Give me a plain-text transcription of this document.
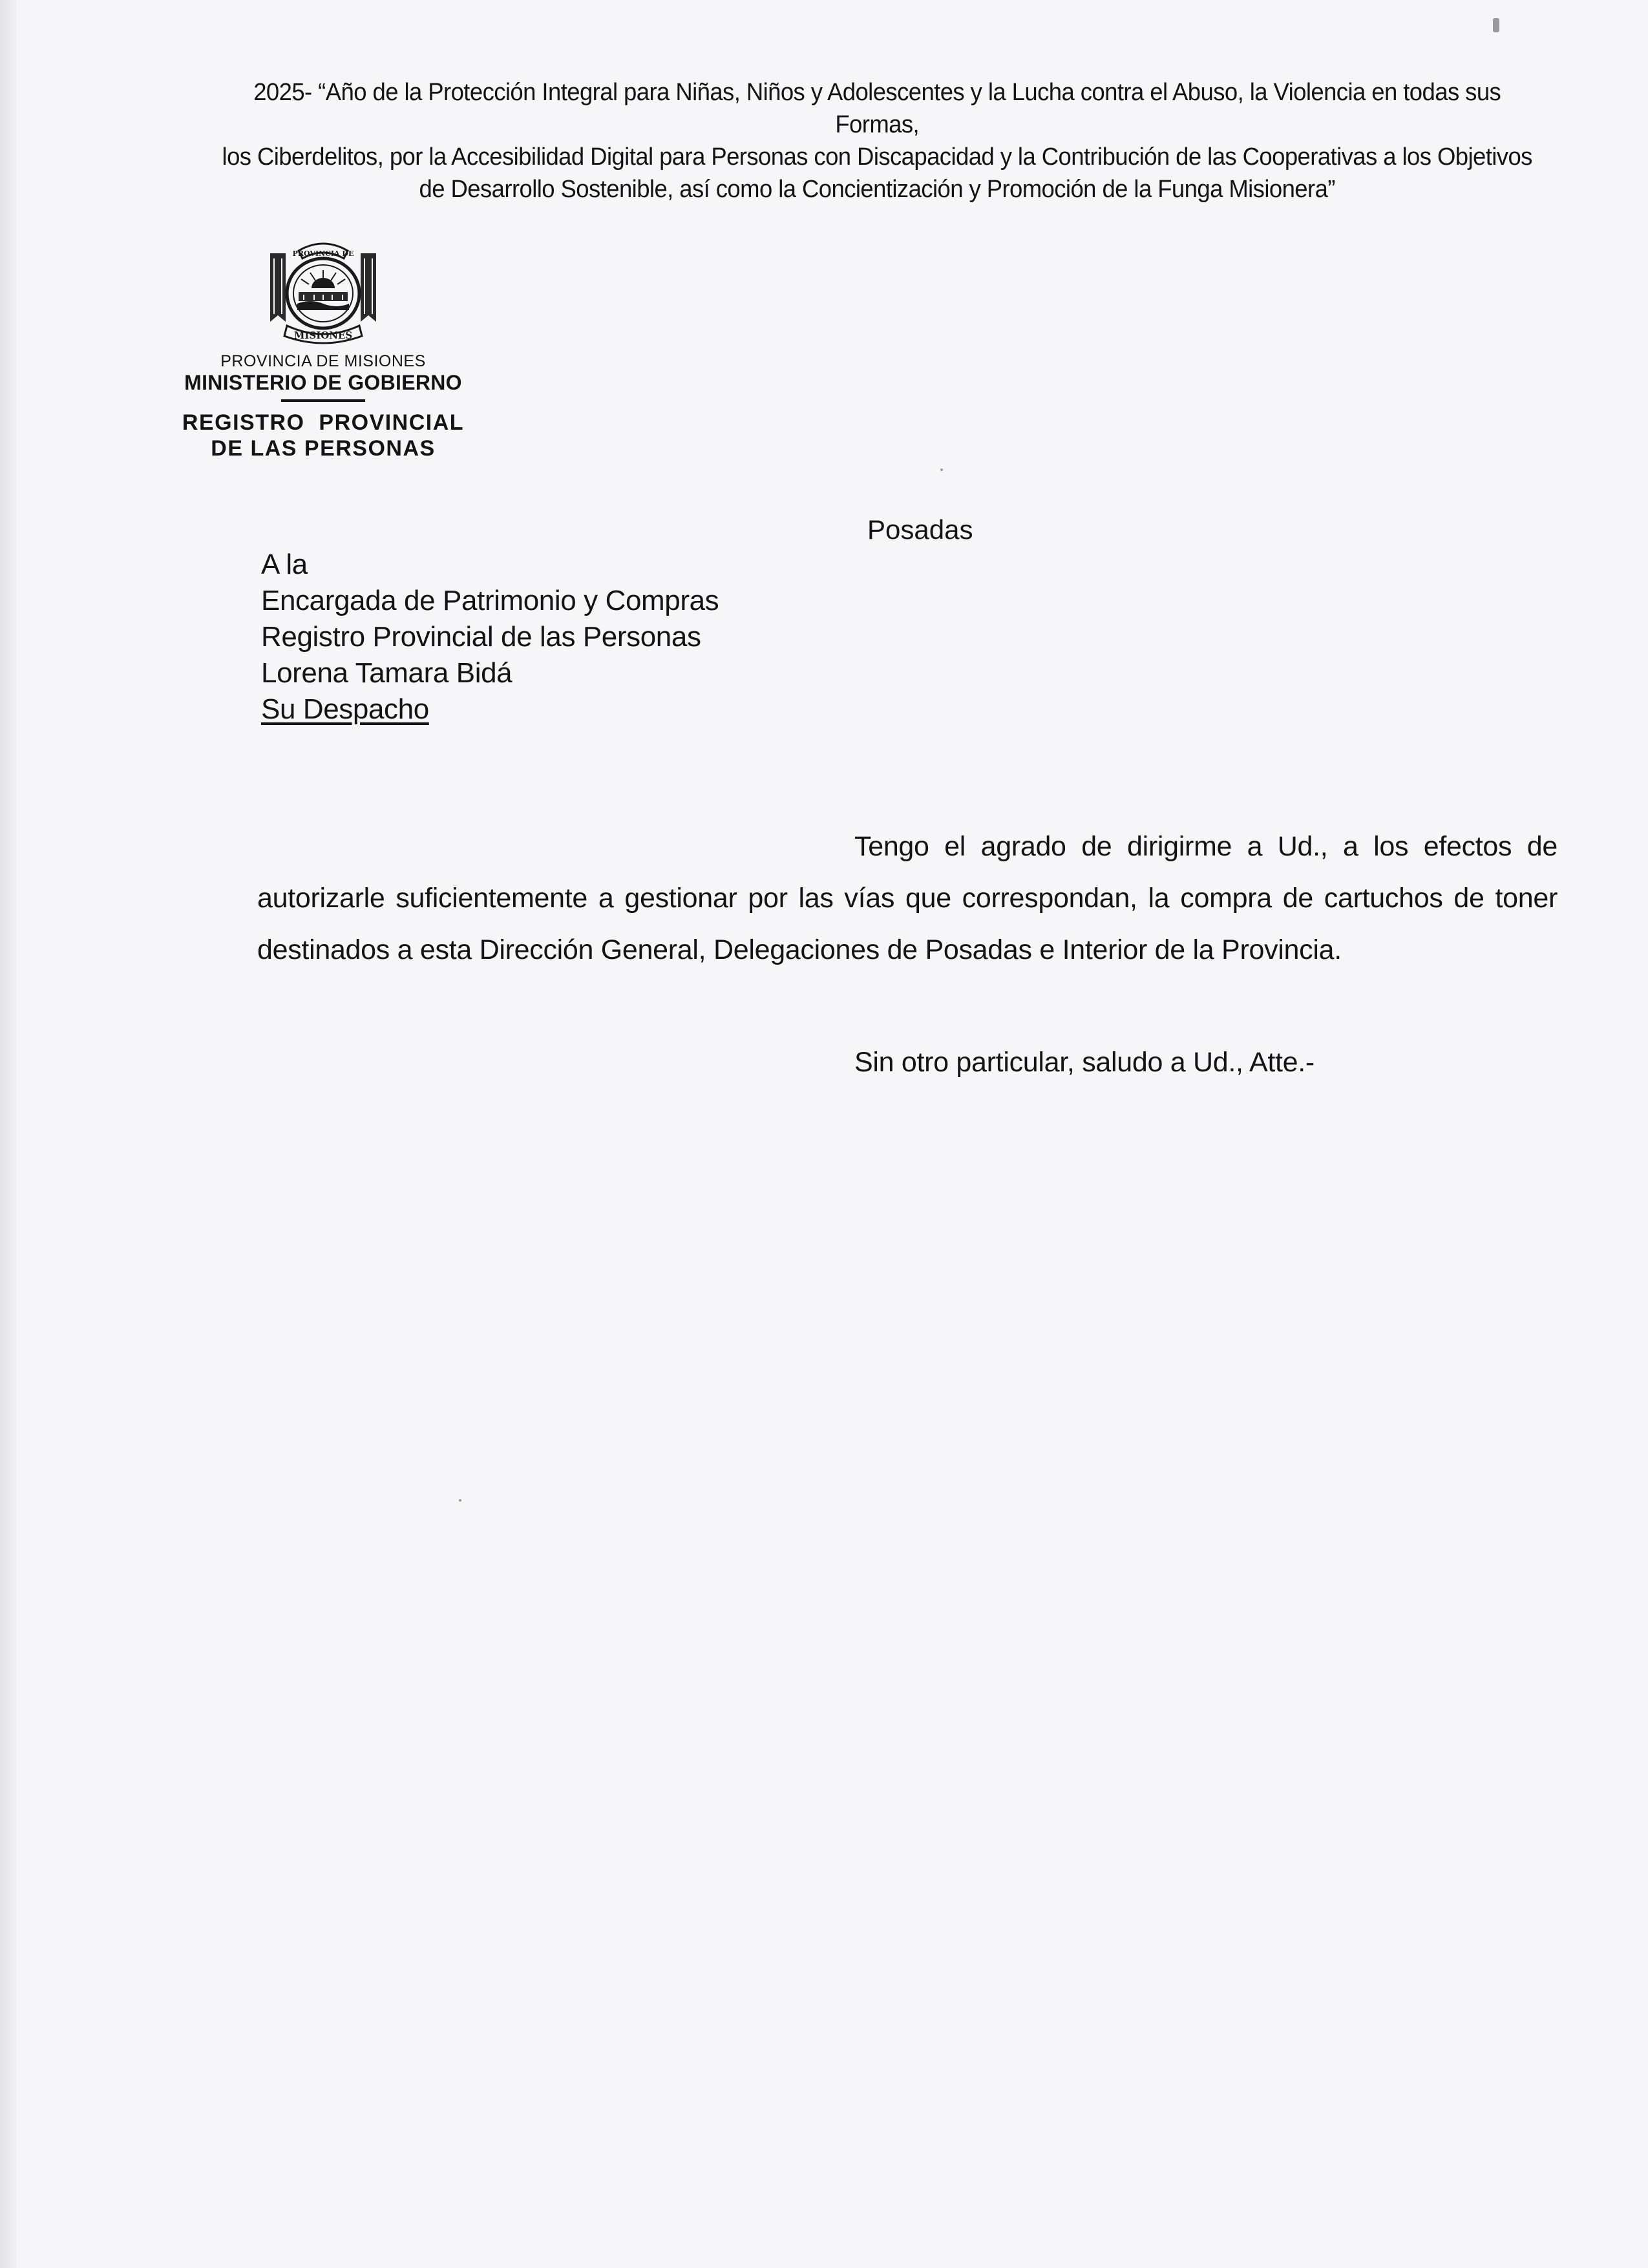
2025- “Año de la Protección Integral para Niñas, Niños y Adolescentes y la Lucha contra el Abuso, la Violencia en todas sus Formas,
los Ciberdelitos, por la Accesibilidad Digital para Personas con Discapacidad y la Contribución de las Cooperativas a los Objetivos
de Desarrollo Sostenible, así como la Concientización y Promoción de la Funga Misionera”
PROVINCIA DE
MISIONES
PROVINCIA DE MISIONES
MINISTERIO DE GOBIERNO
REGISTRO  PROVINCIAL
DE LAS PERSONAS
Posadas
A la
Encargada de Patrimonio y Compras
Registro Provincial de las Personas
Lorena Tamara Bidá
Su Despacho
Tengo el agrado de dirigirme a Ud., a los efectos de autorizarle suficientemente a gestionar por las vías que correspondan, la compra de cartuchos de toner destinados a esta Dirección General, Delegaciones de Posadas e Interior de la Provincia.
Sin otro particular, saludo a Ud., Atte.-
